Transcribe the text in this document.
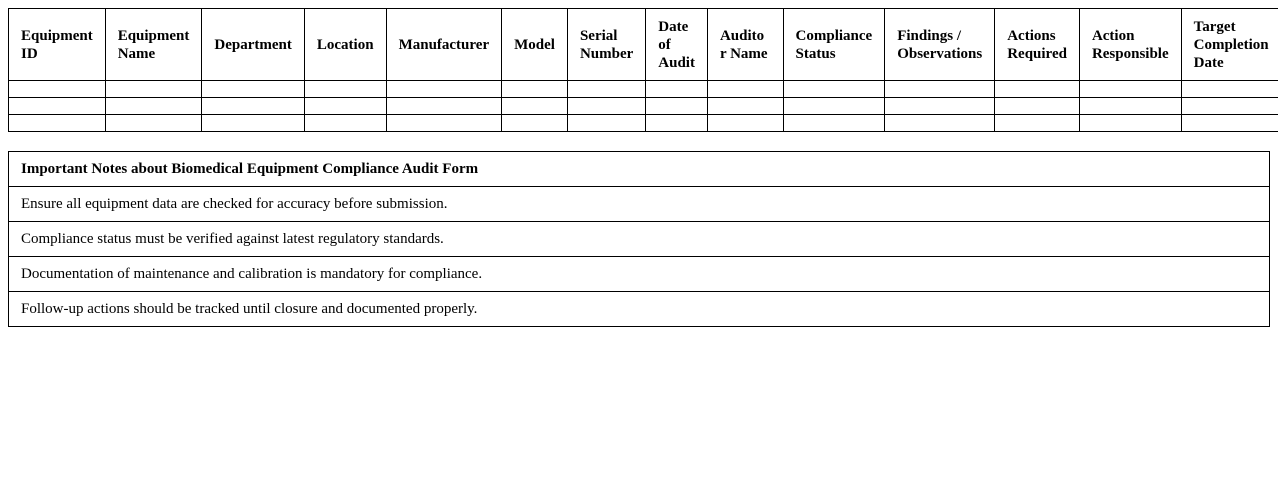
Equipment ID	Equipment Name	Department	Location	Manufacturer	Model	Serial Number	Date of Audit	Auditor Name	Compliance Status	Findings / Observations	Actions Required	Action Responsible	Target Completion Date

Important Notes about Biomedical Equipment Compliance Audit Form
Ensure all equipment data are checked for accuracy before submission.
Compliance status must be verified against latest regulatory standards.
Documentation of maintenance and calibration is mandatory for compliance.
Follow-up actions should be tracked until closure and documented properly.
